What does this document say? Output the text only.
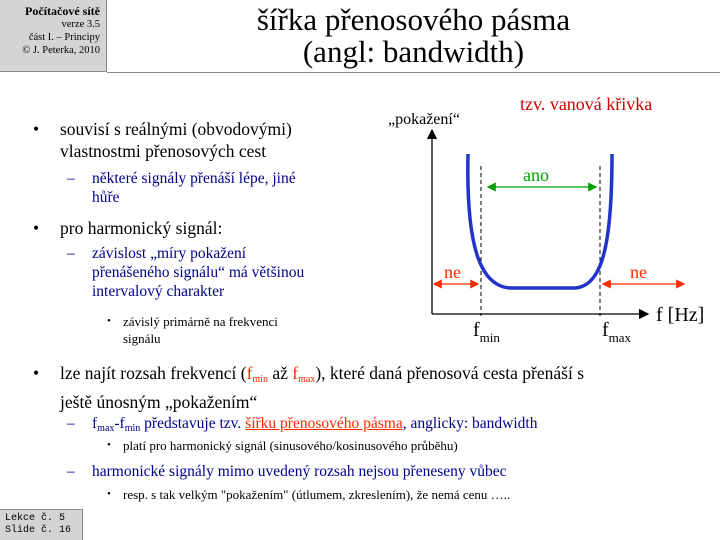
Počítačové sítě
verze 3.5
část I. – Principy
© J. Peterka, 2010
šířka přenosového pásma
(angl: bandwidth)
• souvisí s reálnými (obvodovými)
vlastnostmi přenosových cest
– některé signály přenáší lépe, jiné
hůře
• pro harmonický signál:
– závislost „míry pokažení
přenášeného signálu“ má většinou
intervalový charakter
• závislý primárně na frekvenci
signálu
• lze najít rozsah frekvencí (fmin až fmax), které daná přenosová cesta přenáší s
ještě únosným „pokažením“
– fmax-fmin představuje tzv. šířku přenosového pásma, anglicky: bandwidth
• platí pro harmonický signál (sinusového/kosinusového průběhu)
– harmonické signály mimo uvedený rozsah nejsou přeneseny vůbec
• resp. s tak velkým "pokažením" (útlumem, zkreslením), že nemá cenu …..
„pokažení“
tzv. vanová křivka
f [Hz]
ano
ne	ne
$f_{min}$	$f_{max}$
Lekce č. 5
Slide č. 16
